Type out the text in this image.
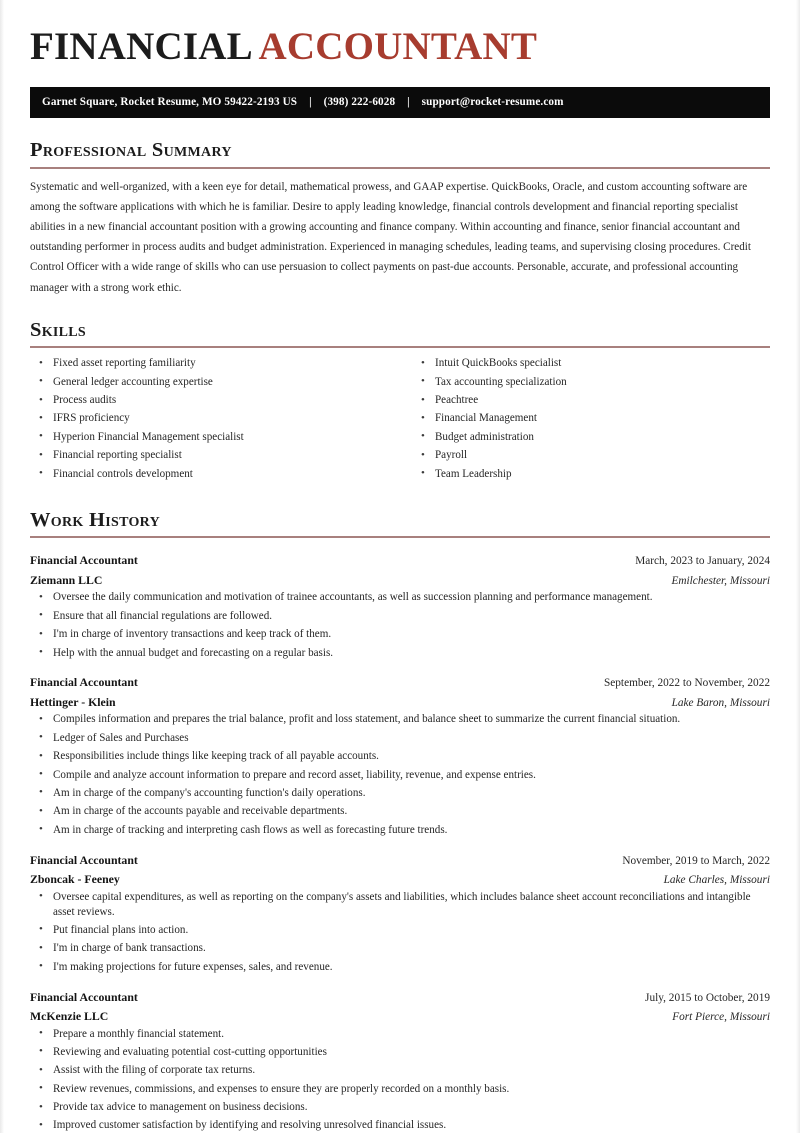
FINANCIAL ACCOUNTANT
Garnet Square, Rocket Resume, MO 59422-2193 US | (398) 222-6028 | support@rocket-resume.com
Professional Summary

Systematic and well-organized, with a keen eye for detail, mathematical prowess, and GAAP expertise. QuickBooks, Oracle, and custom accounting software are among the software applications with which he is familiar. Desire to apply leading knowledge, financial controls development and financial reporting specialist abilities in a new financial accountant position with a growing accounting and finance company. Within accounting and finance, senior financial accountant and outstanding performer in process audits and budget administration. Experienced in managing schedules, leading teams, and supervising closing procedures. Credit Control Officer with a wide range of skills who can use persuasion to collect payments on past-due accounts. Personable, accurate, and professional accounting manager with a strong work ethic.

Skills
• Fixed asset reporting familiarity
• General ledger accounting expertise
• Process audits
• IFRS proficiency
• Hyperion Financial Management specialist
• Financial reporting specialist
• Financial controls development
• Intuit QuickBooks specialist
• Tax accounting specialization
• Peachtree
• Financial Management
• Budget administration
• Payroll
• Team Leadership
Work History
Financial Accountant	March, 2023 to January, 2024
Ziemann LLC	Emilchester, Missouri
• Oversee the daily communication and motivation of trainee accountants, as well as succession planning and performance management.
• Ensure that all financial regulations are followed.
• I'm in charge of inventory transactions and keep track of them.
• Help with the annual budget and forecasting on a regular basis.
Financial Accountant	September, 2022 to November, 2022
Hettinger - Klein	Lake Baron, Missouri
• Compiles information and prepares the trial balance, profit and loss statement, and balance sheet to summarize the current financial situation.
• Ledger of Sales and Purchases
• Responsibilities include things like keeping track of all payable accounts.
• Compile and analyze account information to prepare and record asset, liability, revenue, and expense entries.
• Am in charge of the company's accounting function's daily operations.
• Am in charge of the accounts payable and receivable departments.
• Am in charge of tracking and interpreting cash flows as well as forecasting future trends.
Financial Accountant	November, 2019 to March, 2022
Zboncak - Feeney	Lake Charles, Missouri
• Oversee capital expenditures, as well as reporting on the company's assets and liabilities, which includes balance sheet account reconciliations and intangible asset reviews.
• Put financial plans into action.
• I'm in charge of bank transactions.
• I'm making projections for future expenses, sales, and revenue.
Financial Accountant	July, 2015 to October, 2019
McKenzie LLC	Fort Pierce, Missouri
• Prepare a monthly financial statement.
• Reviewing and evaluating potential cost-cutting opportunities
• Assist with the filing of corporate tax returns.
• Review revenues, commissions, and expenses to ensure they are properly recorded on a monthly basis.
• Provide tax advice to management on business decisions.
• Improved customer satisfaction by identifying and resolving unresolved financial issues.
